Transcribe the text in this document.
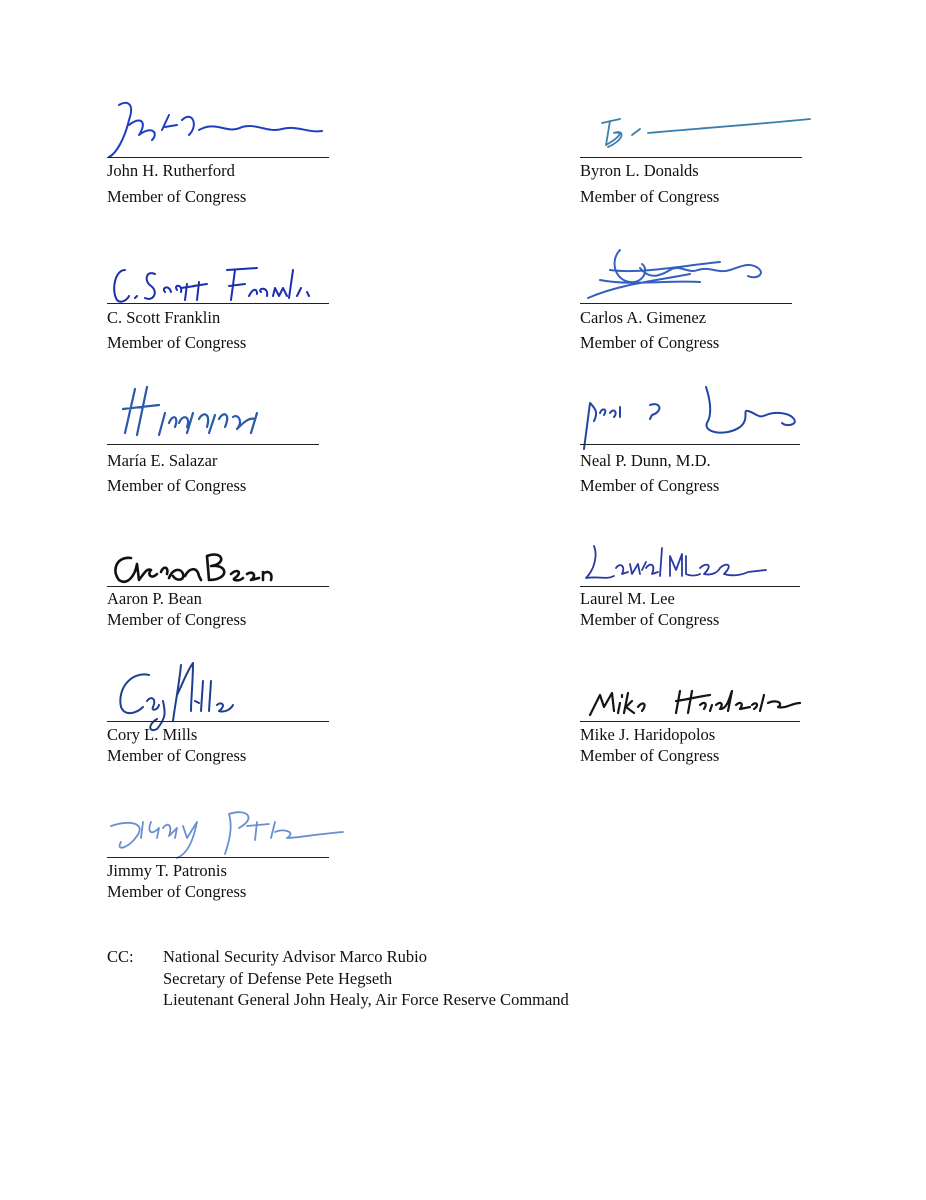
John H. Rutherford
Member of Congress
Byron L. Donalds
Member of Congress
C. Scott Franklin
Member of Congress
Carlos A. Gimenez
Member of Congress
María E. Salazar
Member of Congress
Neal P. Dunn, M.D.
Member of Congress
Aaron P. Bean
Member of Congress
Laurel M. Lee
Member of Congress
Cory L. Mills
Member of Congress
Mike J. Haridopolos
Member of Congress
Jimmy T. Patronis
Member of Congress
CC: National Security Advisor Marco Rubio
Secretary of Defense Pete Hegseth
Lieutenant General John Healy, Air Force Reserve Command
